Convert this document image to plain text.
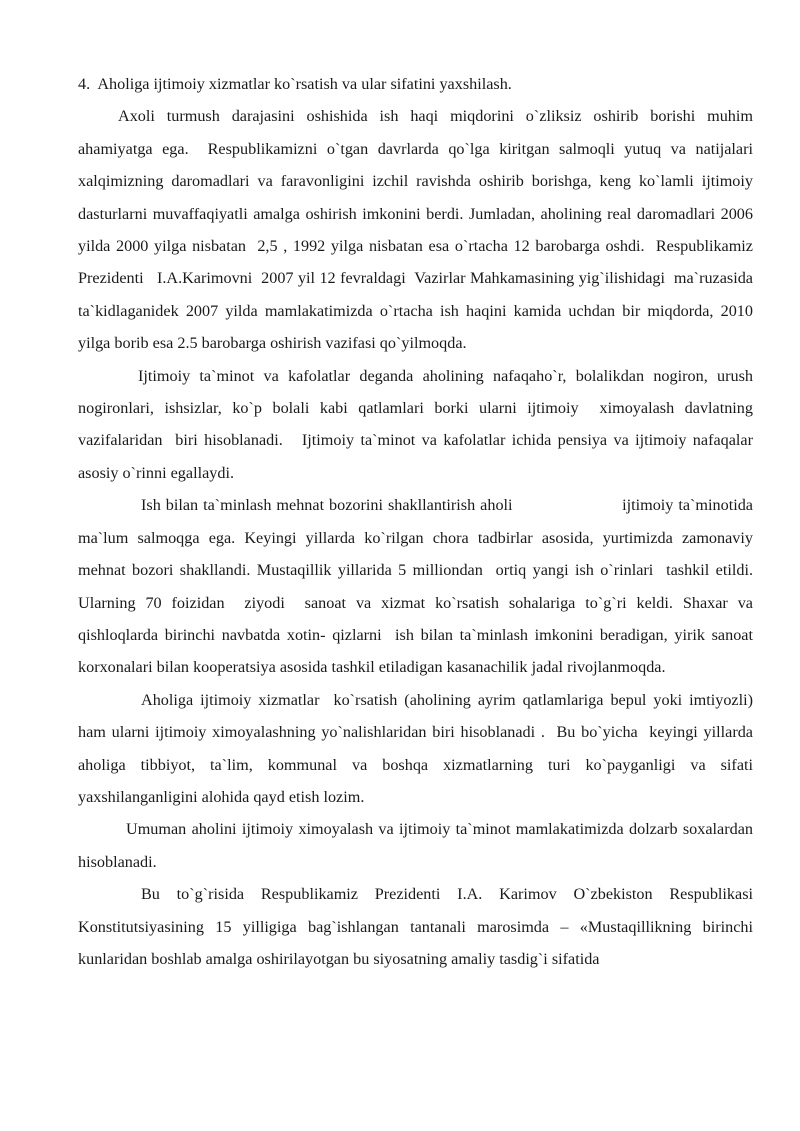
4.  Aholiga ijtimoiy xizmatlar ko`rsatish va ular sifatini yaxshilash.

Axoli turmush darajasini oshishida ish haqi miqdorini o`zliksiz oshirib borishi muhim ahamiyatga ega.  Respublikamizni o`tgan davrlarda qo`lga kiritgan salmoqli yutuq va natijalari xalqimizning daromadlari va faravonligini izchil ravishda oshirib borishga, keng ko`lamli ijtimoiy dasturlarni muvaffaqiyatli amalga oshirish imkonini berdi. Jumladan, aholining real daromadlari 2006 yilda 2000 yilga nisbatan  2,5 , 1992 yilga nisbatan esa o`rtacha 12 barobarga oshdi.  Respublikamiz Prezidenti   I.A.Karimovni  2007 yil 12 fevraldagi  Vazirlar Mahkamasining yig`ilishidagi  ma`ruzasida ta`kidlaganidek 2007 yilda mamlakatimizda o`rtacha ish haqini kamida uchdan bir miqdorda, 2010 yilga borib esa 2.5 barobarga oshirish vazifasi qo`yilmoqda.

Ijtimoiy ta`minot va kafolatlar deganda aholining nafaqaho`r, bolalikdan nogiron, urush nogironlari, ishsizlar, ko`p bolali kabi qatlamlari borki ularni ijtimoiy  ximoyalash davlatning vazifalaridan  biri hisoblanadi.   Ijtimoiy ta`minot va kafolatlar ichida pensiya va ijtimoiy nafaqalar asosiy o`rinni egallaydi.

Ish bilan ta`minlash mehnat bozorini shakllantirish aholi                      ijtimoiy ta`minotida ma`lum salmoqga ega. Keyingi yillarda ko`rilgan chora tadbirlar asosida, yurtimizda zamonaviy  mehnat bozori shakllandi. Mustaqillik yillarida 5 milliondan  ortiq yangi ish o`rinlari  tashkil etildi. Ularning 70 foizidan  ziyodi  sanoat va xizmat ko`rsatish sohalariga to`g`ri keldi. Shaxar va qishloqlarda birinchi navbatda xotin- qizlarni  ish bilan ta`minlash imkonini beradigan, yirik sanoat korxonalari bilan kooperatsiya asosida tashkil etiladigan kasanachilik jadal rivojlanmoqda.

Aholiga ijtimoiy xizmatlar  ko`rsatish (aholining ayrim qatlamlariga bepul yoki imtiyozli) ham ularni ijtimoiy ximoyalashning yo`nalishlaridan biri hisoblanadi .  Bu bo`yicha  keyingi yillarda aholiga tibbiyot, ta`lim, kommunal va boshqa xizmatlarning turi ko`payganligi va sifati yaxshilanganligini alohida qayd etish lozim.

Umuman aholini ijtimoiy ximoyalash va ijtimoiy ta`minot mamlakatimizda dolzarb soxalardan hisoblanadi.

Bu to`g`risida Respublikamiz Prezidenti I.A. Karimov O`zbekiston Respublikasi Konstitutsiyasining 15 yilligiga bag`ishlangan tantanali marosimda – «Mustaqillikning birinchi kunlaridan boshlab amalga oshirilayotgan bu siyosatning amaliy tasdig`i sifatida
